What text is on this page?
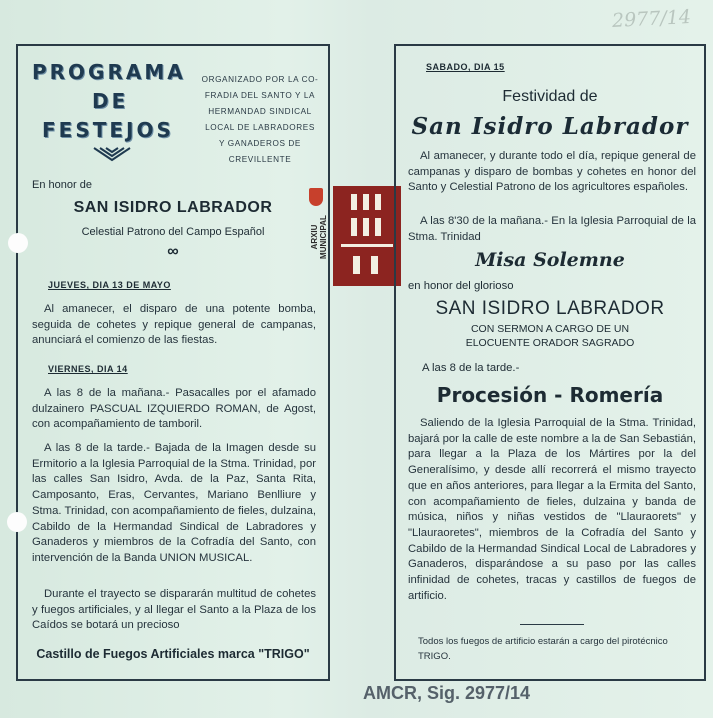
2977/14
PROGRAMA
DE
FESTEJOS
ORGANIZADO POR LA CO-
FRADIA DEL SANTO Y LA
HERMANDAD SINDICAL
LOCAL DE LABRADORES
Y GANADEROS DE
CREVILLENTE
En honor de
SAN ISIDRO LABRADOR
Celestial Patrono del Campo Español
∞
JUEVES, DIA 13 DE MAYO

Al amanecer, el disparo de una potente bomba, seguida de cohetes y repique general de campanas, anunciará el comienzo de las fiestas.

VIERNES, DIA 14

A las 8 de la mañana.- Pasacalles por el afamado dulzainero PASCUAL IZQUIERDO ROMAN, de Agost, con acompañamiento de tamboril.

A las 8 de la tarde.- Bajada de la Imagen desde su Ermitorio a la Iglesia Parroquial de la Stma. Trinidad, por las calles San Isidro, Avda. de la Paz, Santa Rita, Camposanto, Eras, Cervantes, Mariano Benlliure y Stma. Trinidad, con acompañamiento de fieles, dulzaina, Cabildo de la Hermandad Sindical de Labradores y Ganaderos y miembros de la Cofradía del Santo, con intervención de la Banda UNION MUSICAL.

Durante el trayecto se dispararán multitud de cohetes y fuegos artificiales, y al llegar el Santo a la Plaza de los Caídos se botará un precioso

Castillo de Fuegos Artificiales marca "TRIGO"
ARXIU MUNICIPAL
SABADO, DIA 15
Festividad de
San Isidro Labrador

Al amanecer, y durante todo el día, repique general de campanas y disparo de bombas y cohetes en honor del Santo y Celestial Patrono de los agricultores españoles.

A las 8'30 de la mañana.- En la Iglesia Parroquial de la Stma. Trinidad

Misa Solemne
en honor del glorioso
SAN ISIDRO LABRADOR
CON SERMON A CARGO DE UN
ELOCUENTE ORADOR SAGRADO
A las 8 de la tarde.-
Procesión - Romería

Saliendo de la Iglesia Parroquial de la Stma. Trinidad, bajará por la calle de este nombre a la de San Sebastián, para llegar a la Plaza de los Mártires por la del Generalísimo, y desde allí recorrerá el mismo trayecto que en años anteriores, para llegar a la Ermita del Santo, con acompañamiento de fieles, dulzaina y banda de música, niños y niñas vestidos de "Llauraorets" y "Llauraoretes", miembros de la Cofradía del Santo y Cabildo de la Hermandad Sindical Local de Labradores y Ganaderos, disparándose a su paso por las calles infinidad de cohetes, tracas y castillos de fuegos de artificio.

Todos los fuegos de artificio estarán a cargo del pirotécnico TRIGO.

AMCR, Sig. 2977/14
